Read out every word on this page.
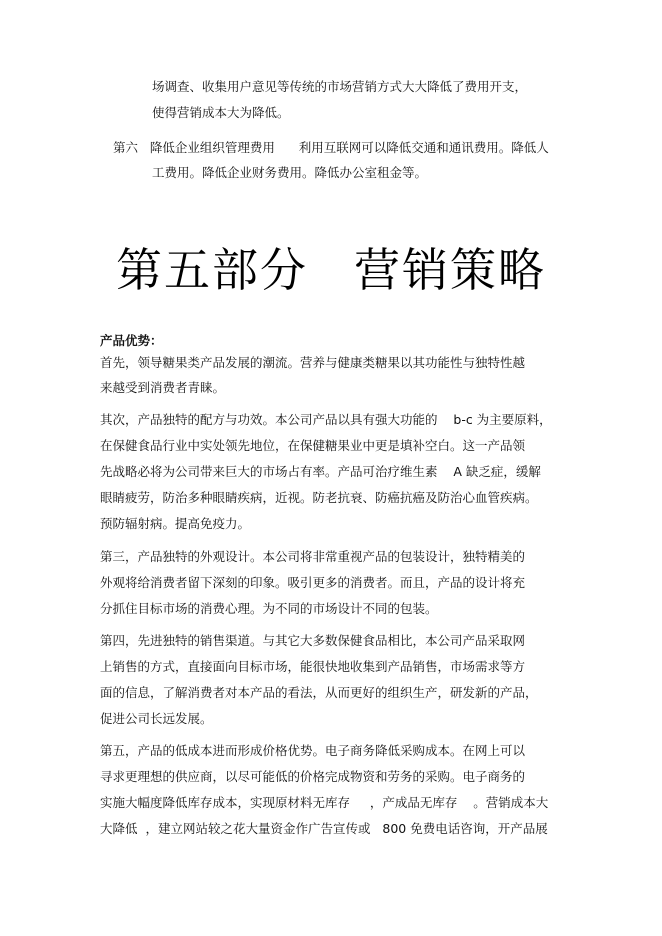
场调查、收集用户意见等传统的市场营销方式大大降低了费用开支，

使得营销成本大为降低。

第六   降低企业组织管理费用      利用互联网可以降低交通和通讯费用。降低人

工费用。降低企业财务费用。降低办公室租金等。

第五部分 营销策略

产品优势：

首先，领导糖果类产品发展的潮流。营养与健康类糖果以其功能性与独特性越

来越受到消费者青睐。

其次，产品独特的配方与功效。本公司产品以具有强大功能的    b-c 为主要原料，

在保健食品行业中实处领先地位，在保健糖果业中更是填补空白。这一产品领

先战略必将为公司带来巨大的市场占有率。产品可治疗维生素    A 缺乏症，缓解

眼睛疲劳，防治多种眼睛疾病，近视。防老抗衰、防癌抗癌及防治心血管疾病。

预防辐射病。提高免疫力。

第三，产品独特的外观设计。本公司将非常重视产品的包装设计，独特精美的

外观将给消费者留下深刻的印象。吸引更多的消费者。而且，产品的设计将充

分抓住目标市场的消费心理。为不同的市场设计不同的包装。

第四，先进独特的销售渠道。与其它大多数保健食品相比，本公司产品采取网

上销售的方式，直接面向目标市场，能很快地收集到产品销售，市场需求等方

面的信息，了解消费者对本产品的看法，从而更好的组织生产，研发新的产品，

促进公司长远发展。

第五，产品的低成本进而形成价格优势。电子商务降低采购成本。在网上可以

寻求更理想的供应商，以尽可能低的价格完成物资和劳务的采购。电子商务的

实施大幅度降低库存成本，实现原材料无库存     ，产成品无库存    。营销成本大

大降低  ，建立网站较之花大量资金作广告宣传或   800 免费电话咨询，开产品展
